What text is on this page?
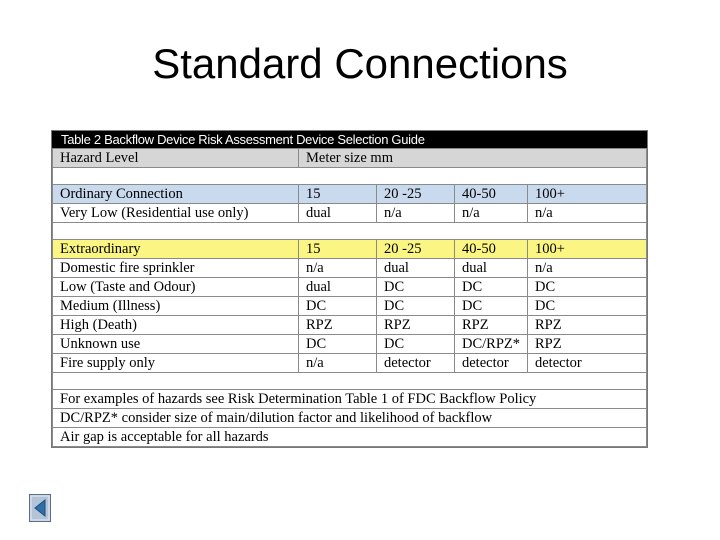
Standard Connections
Table 2 Backflow Device Risk Assessment Device Selection Guide
Hazard Level	Meter size mm			

Ordinary Connection	15	20 -25	40-50	100+
Very Low (Residential use only)	dual	n/a	n/a	n/a

Extraordinary	15	20 -25	40-50	100+
Domestic fire sprinkler	n/a	dual	dual	n/a
Low (Taste and Odour)	dual	DC	DC	DC
Medium (Illness)	DC	DC	DC	DC
High (Death)	RPZ	RPZ	RPZ	RPZ
Unknown use	DC	DC	DC/RPZ*	RPZ
Fire supply only	n/a	detector	detector	detector

For examples of hazards see Risk Determination Table 1 of FDC Backflow Policy				
DC/RPZ* consider size of main/dilution factor and likelihood of backflow				
Air gap is acceptable for all hazards				
